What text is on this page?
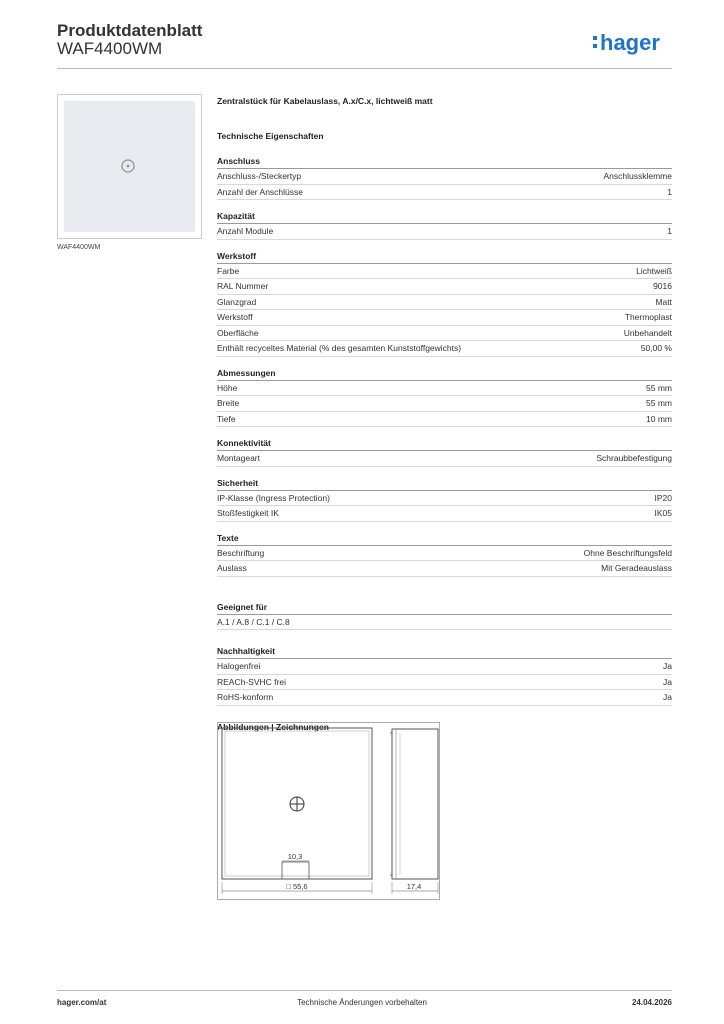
Produktdatenblatt
WAF4400WM	hager
WAF4400WM
Zentralstück für Kabelauslass, A.x/C.x, lichtweiß matt
Technische Eigenschaften
Anschluss
Anschluss-/Steckertyp	Anschlussklemme
Anzahl der Anschlüsse	1
Kapazität
Anzahl Module	1
Werkstoff
Farbe	Lichtweiß
RAL Nummer	9016
Glanzgrad	Matt
Werkstoff	Thermoplast
Oberfläche	Unbehandelt
Enthält recyceltes Material (% des gesamten Kunststoffgewichts)	50,00 %
Abmessungen
Höhe	55 mm
Breite	55 mm
Tiefe	10 mm
Konnektivität
Montageart	Schraubbefestigung
Sicherheit
IP-Klasse (Ingress Protection)	IP20
Stoßfestigkeit IK	IK05
Texte
Beschriftung	Ohne Beschriftungsfeld
Auslass	Mit Geradeauslass
Geeignet für
A.1 / A.8 / C.1 / C.8
Nachhaltigkeit
Halogenfrei	Ja
REACh-SVHC frei	Ja
RoHS-konform	Ja
Abbildungen | Zeichnungen
10,3
□ 55,6	17,4
hager.com/at	Technische Änderungen vorbehalten	24.04.2026
